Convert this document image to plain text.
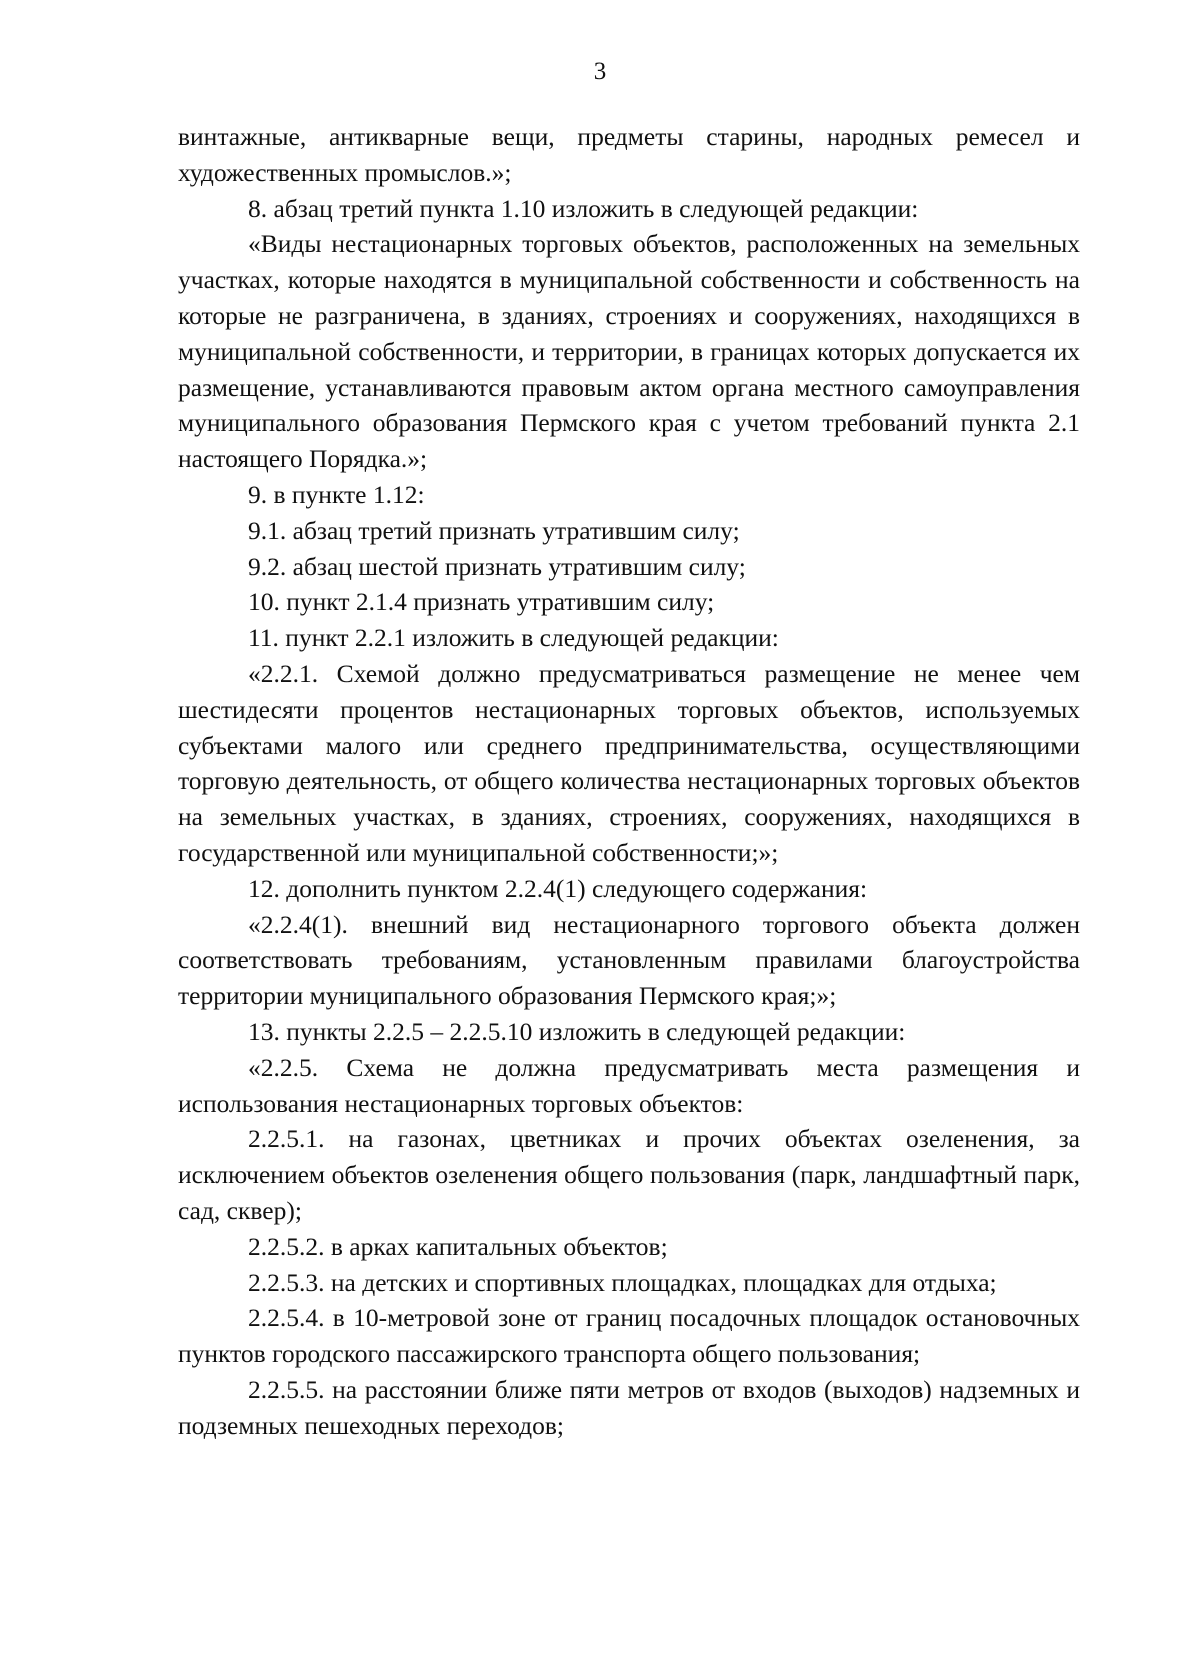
3

винтажные, антикварные вещи, предметы старины, народных ремесел и художественных промыслов.»;

8. абзац третий пункта 1.10 изложить в следующей редакции:

«Виды нестационарных торговых объектов, расположенных на земельных участках, которые находятся в муниципальной собственности и собственность на которые не разграничена, в зданиях, строениях и сооружениях, находящихся в муниципальной собственности, и территории, в границах которых допускается их размещение, устанавливаются правовым актом органа местного самоуправления муниципального образования Пермского края с учетом требований пункта 2.1 настоящего Порядка.»;

9. в пункте 1.12:

9.1. абзац третий признать утратившим силу;

9.2. абзац шестой признать утратившим силу;

10. пункт 2.1.4 признать утратившим силу;

11. пункт 2.2.1 изложить в следующей редакции:

«2.2.1. Схемой должно предусматриваться размещение не менее чем шестидесяти процентов нестационарных торговых объектов, используемых субъектами малого или среднего предпринимательства, осуществляющими торговую деятельность, от общего количества нестационарных торговых объектов на земельных участках, в зданиях, строениях, сооружениях, находящихся в государственной или муниципальной собственности;»;

12. дополнить пунктом 2.2.4(1) следующего содержания:

«2.2.4(1). внешний вид нестационарного торгового объекта должен соответствовать требованиям, установленным правилами благоустройства территории муниципального образования Пермского края;»;

13. пункты 2.2.5 – 2.2.5.10 изложить в следующей редакции:

«2.2.5. Схема не должна предусматривать места размещения и использования нестационарных торговых объектов:

2.2.5.1. на газонах, цветниках и прочих объектах озеленения, за исключением объектов озеленения общего пользования (парк, ландшафтный парк, сад, сквер);

2.2.5.2. в арках капитальных объектов;

2.2.5.3. на детских и спортивных площадках, площадках для отдыха;

2.2.5.4. в 10-метровой зоне от границ посадочных площадок остановочных пунктов городского пассажирского транспорта общего пользования;

2.2.5.5. на расстоянии ближе пяти метров от входов (выходов) надземных и подземных пешеходных переходов;
